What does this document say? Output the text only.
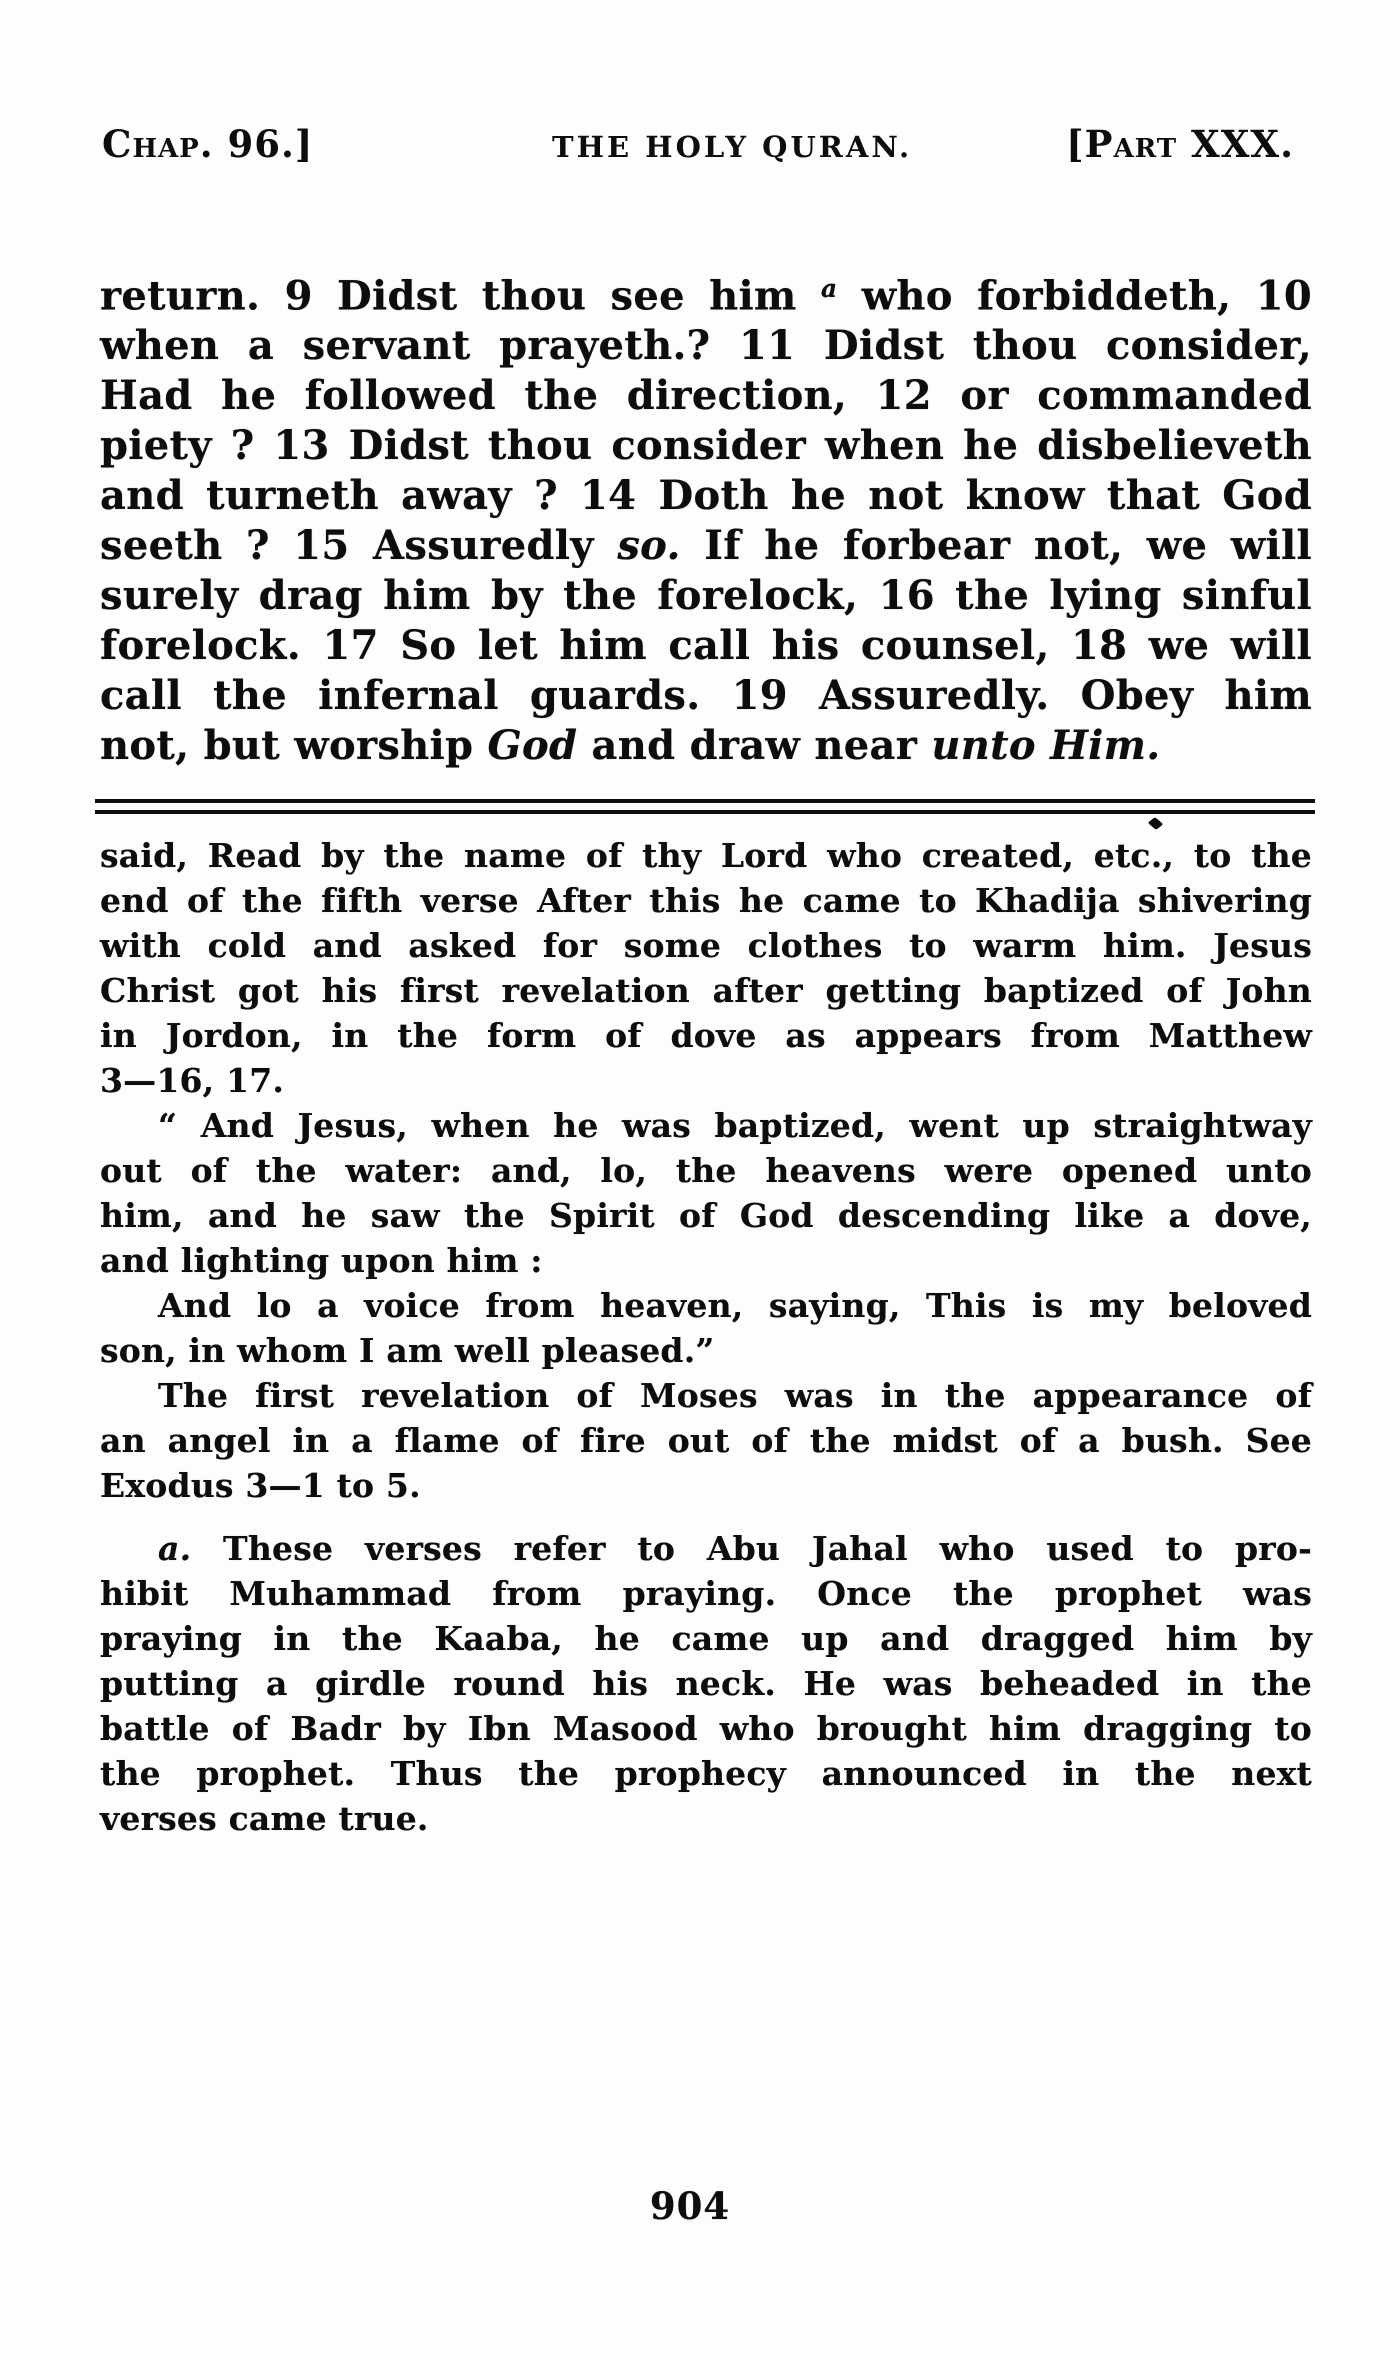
Chap. 96.]	THE HOLY QURAN.	[Part XXX.
return. 9 Didst thou see him $^a$ who forbiddeth, 10
when a servant prayeth.? 11 Didst thou consider,
Had he followed the direction, 12 or commanded
piety ? 13 Didst thou consider when he disbelieveth
and turneth away ? 14 Doth he not know that God
seeth ? 15 Assuredly so. If he forbear not, we will
surely drag him by the forelock, 16 the lying sinful
forelock. 17 So let him call his counsel, 18 we will
call the infernal guards. 19 Assuredly. Obey him
not, but worship God and draw near unto Him.
said, Read by the name of thy Lord who created, etc., to the
end of the fifth verse After this he came to Khadija shivering
with cold and asked for some clothes to warm him. Jesus
Christ got his first revelation after getting baptized of John
in Jordon, in the form of dove as appears from Matthew
3—16, 17.
“ And Jesus, when he was baptized, went up straightway
out of the water: and, lo, the heavens were opened unto
him, and he saw the Spirit of God descending like a dove,
and lighting upon him :
And lo a voice from heaven, saying, This is my beloved
son, in whom I am well pleased.”
The first revelation of Moses was in the appearance of
an angel in a flame of fire out of the midst of a bush. See
Exodus 3—1 to 5.
a. These verses refer to Abu Jahal who used to pro-
hibit Muhammad from praying. Once the prophet was
praying in the Kaaba, he came up and dragged him by
putting a girdle round his neck. He was beheaded in the
battle of Badr by Ibn Masood who brought him dragging to
the prophet. Thus the prophecy announced in the next
verses came true.
904
